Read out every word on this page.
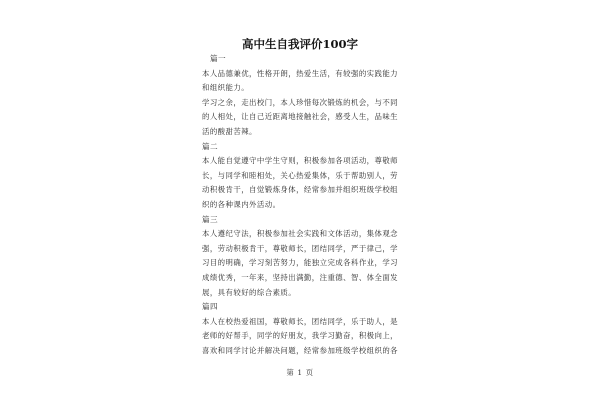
高中生自我评价100字
篇一
本人品德兼优，性格开朗，热爱生活，有较强的实践能力
和组织能力。
学习之余，走出校门，本人珍惜每次锻炼的机会，与不同
的人相处，让自己近距离地接触社会，感受人生，品味生
活的酸甜苦辣。
篇二
本人能自觉遵守中学生守则，积极参加各项活动，尊敬师
长，与同学和睦相处，关心热爱集体，乐于帮助别人，劳
动积极肯干，自觉锻炼身体，经常参加并组织班级学校组
织的各种课内外活动。
篇三
本人遵纪守法，积极参加社会实践和文体活动，集体观念
强，劳动积极肯干，尊敬师长，团结同学，严于律己，学
习目的明确，学习刻苦努力，能独立完成各科作业，学习
成绩优秀，一年来，坚持出满勤，注重德、智、体全面发
展，具有较好的综合素质。
篇四
本人在校热爱祖国，尊敬师长，团结同学，乐于助人，是
老师的好帮手，同学的好朋友，我学习勤奋，积极向上，
喜欢和同学讨论并解决问题，经常参加班级学校组织的各
第 1 页
